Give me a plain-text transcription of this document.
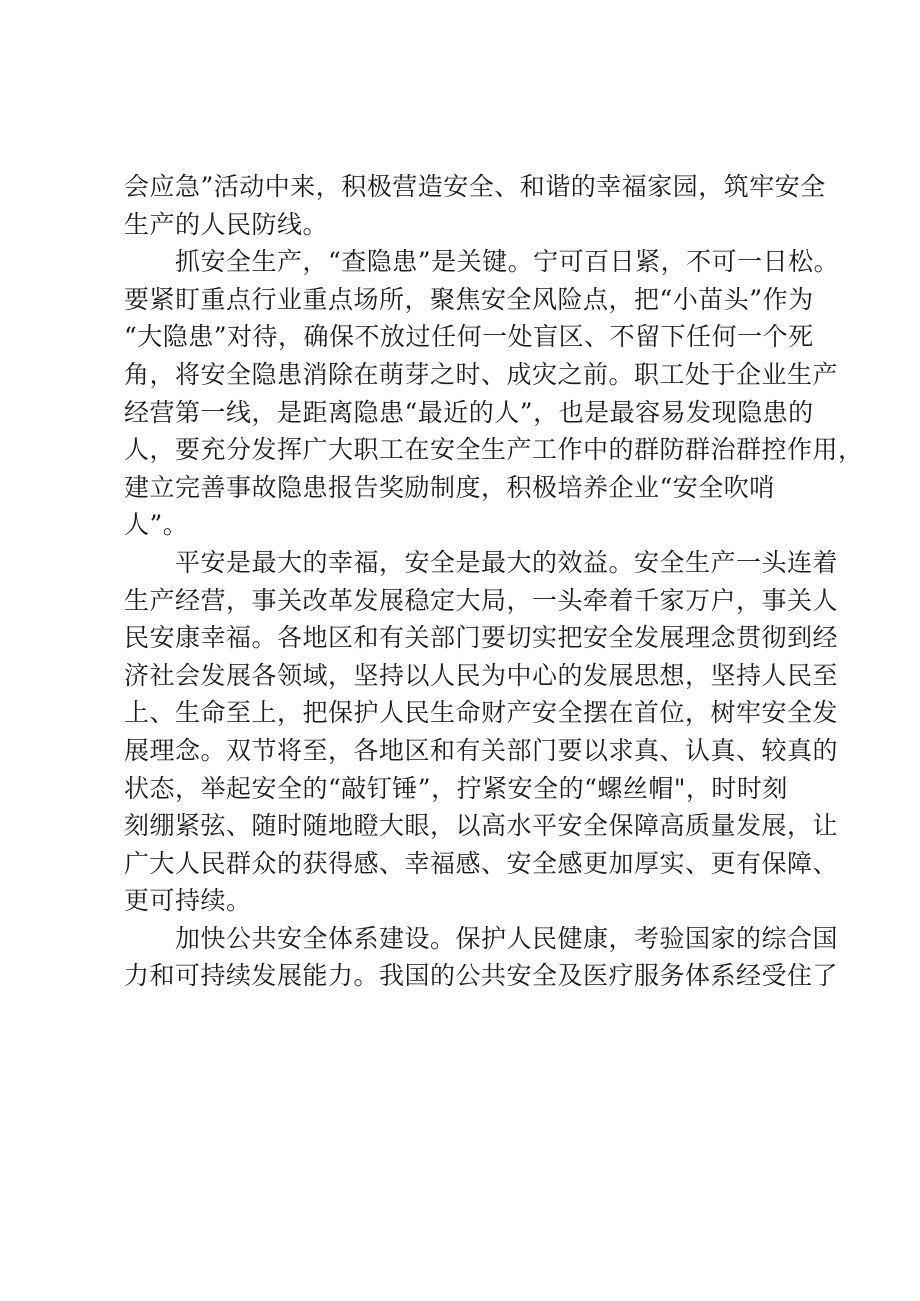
会应急”活动中来，积极营造安全、和谐的幸福家园，筑牢安全
生产的人民防线。
　　抓安全生产，“查隐患”是关键。宁可百日紧，不可一日松。
要紧盯重点行业重点场所，聚焦安全风险点，把“小苗头”作为
“大隐患”对待，确保不放过任何一处盲区、不留下任何一个死
角，将安全隐患消除在萌芽之时、成灾之前。职工处于企业生产
经营第一线，是距离隐患“最近的人”，也是最容易发现隐患的
人，要充分发挥广大职工在安全生产工作中的群防群治群控作用，
建立完善事故隐患报告奖励制度，积极培养企业“安全吹哨
人”。
　　平安是最大的幸福，安全是最大的效益。安全生产一头连着
生产经营，事关改革发展稳定大局，一头牵着千家万户，事关人
民安康幸福。各地区和有关部门要切实把安全发展理念贯彻到经
济社会发展各领域，坚持以人民为中心的发展思想，坚持人民至
上、生命至上，把保护人民生命财产安全摆在首位，树牢安全发
展理念。双节将至，各地区和有关部门要以求真、认真、较真的
状态，举起安全的“敲钉锤”，拧紧安全的“螺丝帽"，时时刻
刻绷紧弦、随时随地瞪大眼，以高水平安全保障高质量发展，让
广大人民群众的获得感、幸福感、安全感更加厚实、更有保障、
更可持续。
　　加快公共安全体系建设。保护人民健康，考验国家的综合国
力和可持续发展能力。我国的公共安全及医疗服务体系经受住了
